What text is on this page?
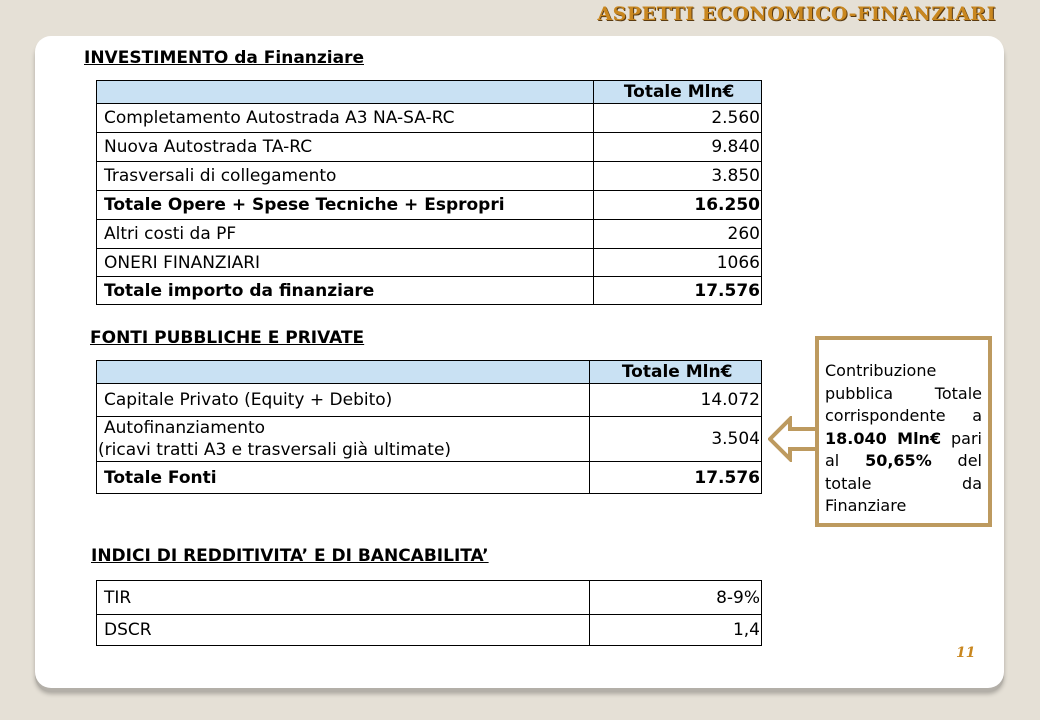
ASPETTI ECONOMICO-FINANZIARI
INVESTIMENTO da Finanziare
	Totale Mln€
Completamento Autostrada A3 NA-SA-RC	2.560
Nuova Autostrada TA-RC	9.840
Trasversali di collegamento	3.850
Totale Opere + Spese Tecniche + Espropri	16.250
Altri costi da PF	260
ONERI FINANZIARI	1066
Totale importo da finanziare	17.576
FONTI PUBBLICHE E PRIVATE
	Totale Mln€
Capitale Privato (Equity + Debito)	14.072

Autofinanziamento
(ricavi tratti A3 e trasversali già ultimate)	3.504
Totale Fonti	17.576
INDICI DI REDDITIVITA’ E DI BANCABILITA’
TIR	8-9%
DSCR	1,4

Contribuzione pubblica Totale corrispondente a 18.040 Mln€ pari al 50,65% del totale da Finanziare

11
